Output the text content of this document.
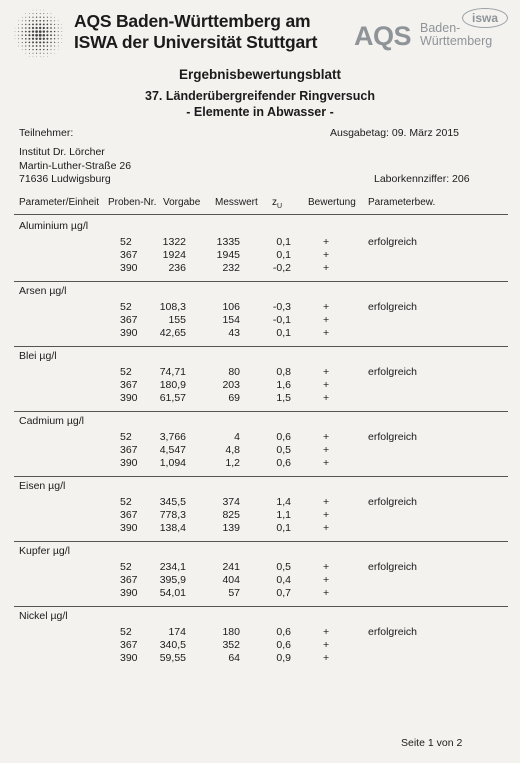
AQS Baden-Württemberg am
ISWA der Universität Stuttgart
iswa
AQS Baden-
Württemberg
Ergebnisbewertungsblatt
37. Länderübergreifender Ringversuch
- Elemente in Abwasser -
Teilnehmer:	Ausgabetag: 09. März 2015
Institut Dr. Lörcher
Martin-Luther-Straße 26
71636 Ludwigsburg	Laborkennziffer: 206
Parameter/Einheit Proben-Nr. Vorgabe Messwert $z_U$	Bewertung Parameterbew.
Aluminium µg/l
52	1322	1335	0,1	+	erfolgreich
367 1924	1945	0,1	+
390	236	232	-0,2	+
Arsen µg/l
52	108,3	106	-0,3	+	erfolgreich
367	155	154	-0,1	+
390 42,65	43	0,1	+
Blei µg/l
52	74,71	80	0,8	+	erfolgreich
367 180,9	203	1,6	+
390 61,57	69	1,5	+
Cadmium µg/l
52	3,766	4	0,6	+	erfolgreich
367 4,547	4,8	0,5	+
390 1,094	1,2	0,6	+
Eisen µg/l
52	345,5	374	1,4	+	erfolgreich
367 778,3	825	1,1	+
390 138,4	139	0,1	+
Kupfer µg/l
52	234,1	241	0,5	+	erfolgreich
367 395,9	404	0,4	+
390 54,01	57	0,7	+
Nickel µg/l
52	174	180	0,6	+	erfolgreich
367 340,5	352	0,6	+
390 59,55	64	0,9	+
Seite 1 von 2
